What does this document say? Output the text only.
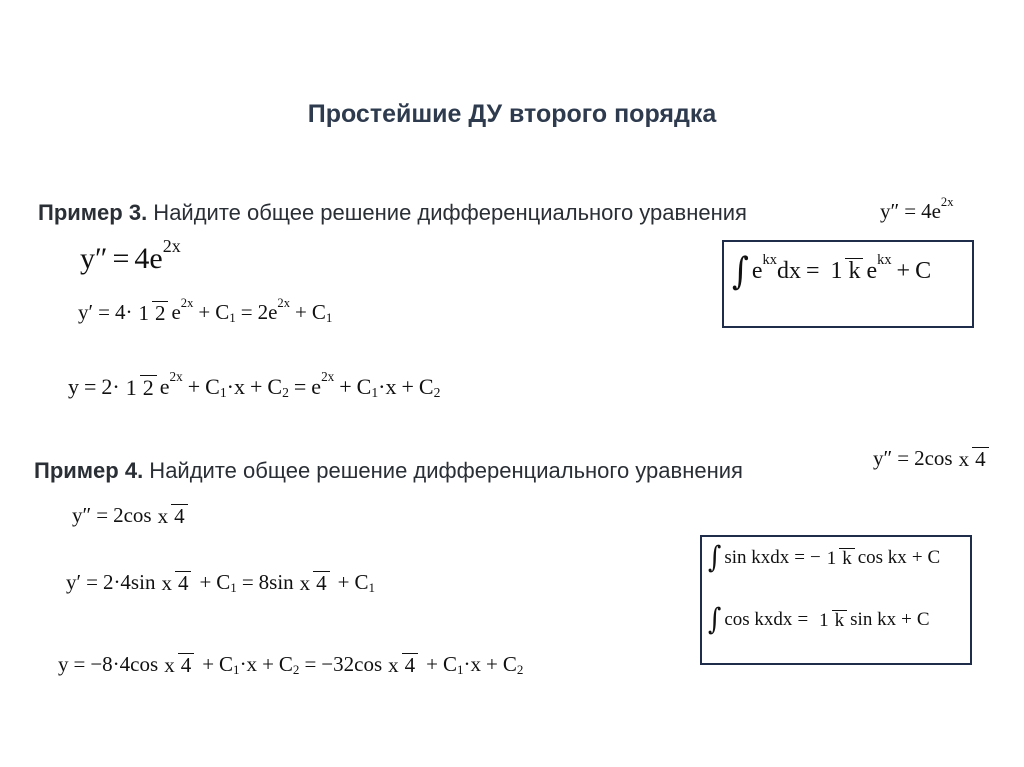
Простейшие ДУ второго порядка
Пример 3. Найдите общее решение дифференциального уравнения	$y'' = 4e^{2x}$
$y'' = 4e^{2x}$
y′ = 4· 1 2 $e^{2x} + C_1 = 2e^{2x} + C_1$
y = 2· 1 2 $e^{2x} + C_1\cdot x + C_2 = e^{2x} + C_1\cdot x + C_2$
∫ $e^{kx}dx = 1$ k $e^{kx} + C$
Пример 4. Найдите общее решение дифференциального уравнения	y″ = 2cos x 4
y″ = 2cos x 4
y′ = 2·4sin x $4 + C_1 = 8\sin$ x $4 + C_1$
y = −8·4cos x $4 + C_1\cdot x + C_2 = -32\cos$ x $4 + C_1\cdot x + C_2$
∫ sin kxdx = − 1 k cos kx + C
∫ cos kxdx = 1 k sin kx + C
